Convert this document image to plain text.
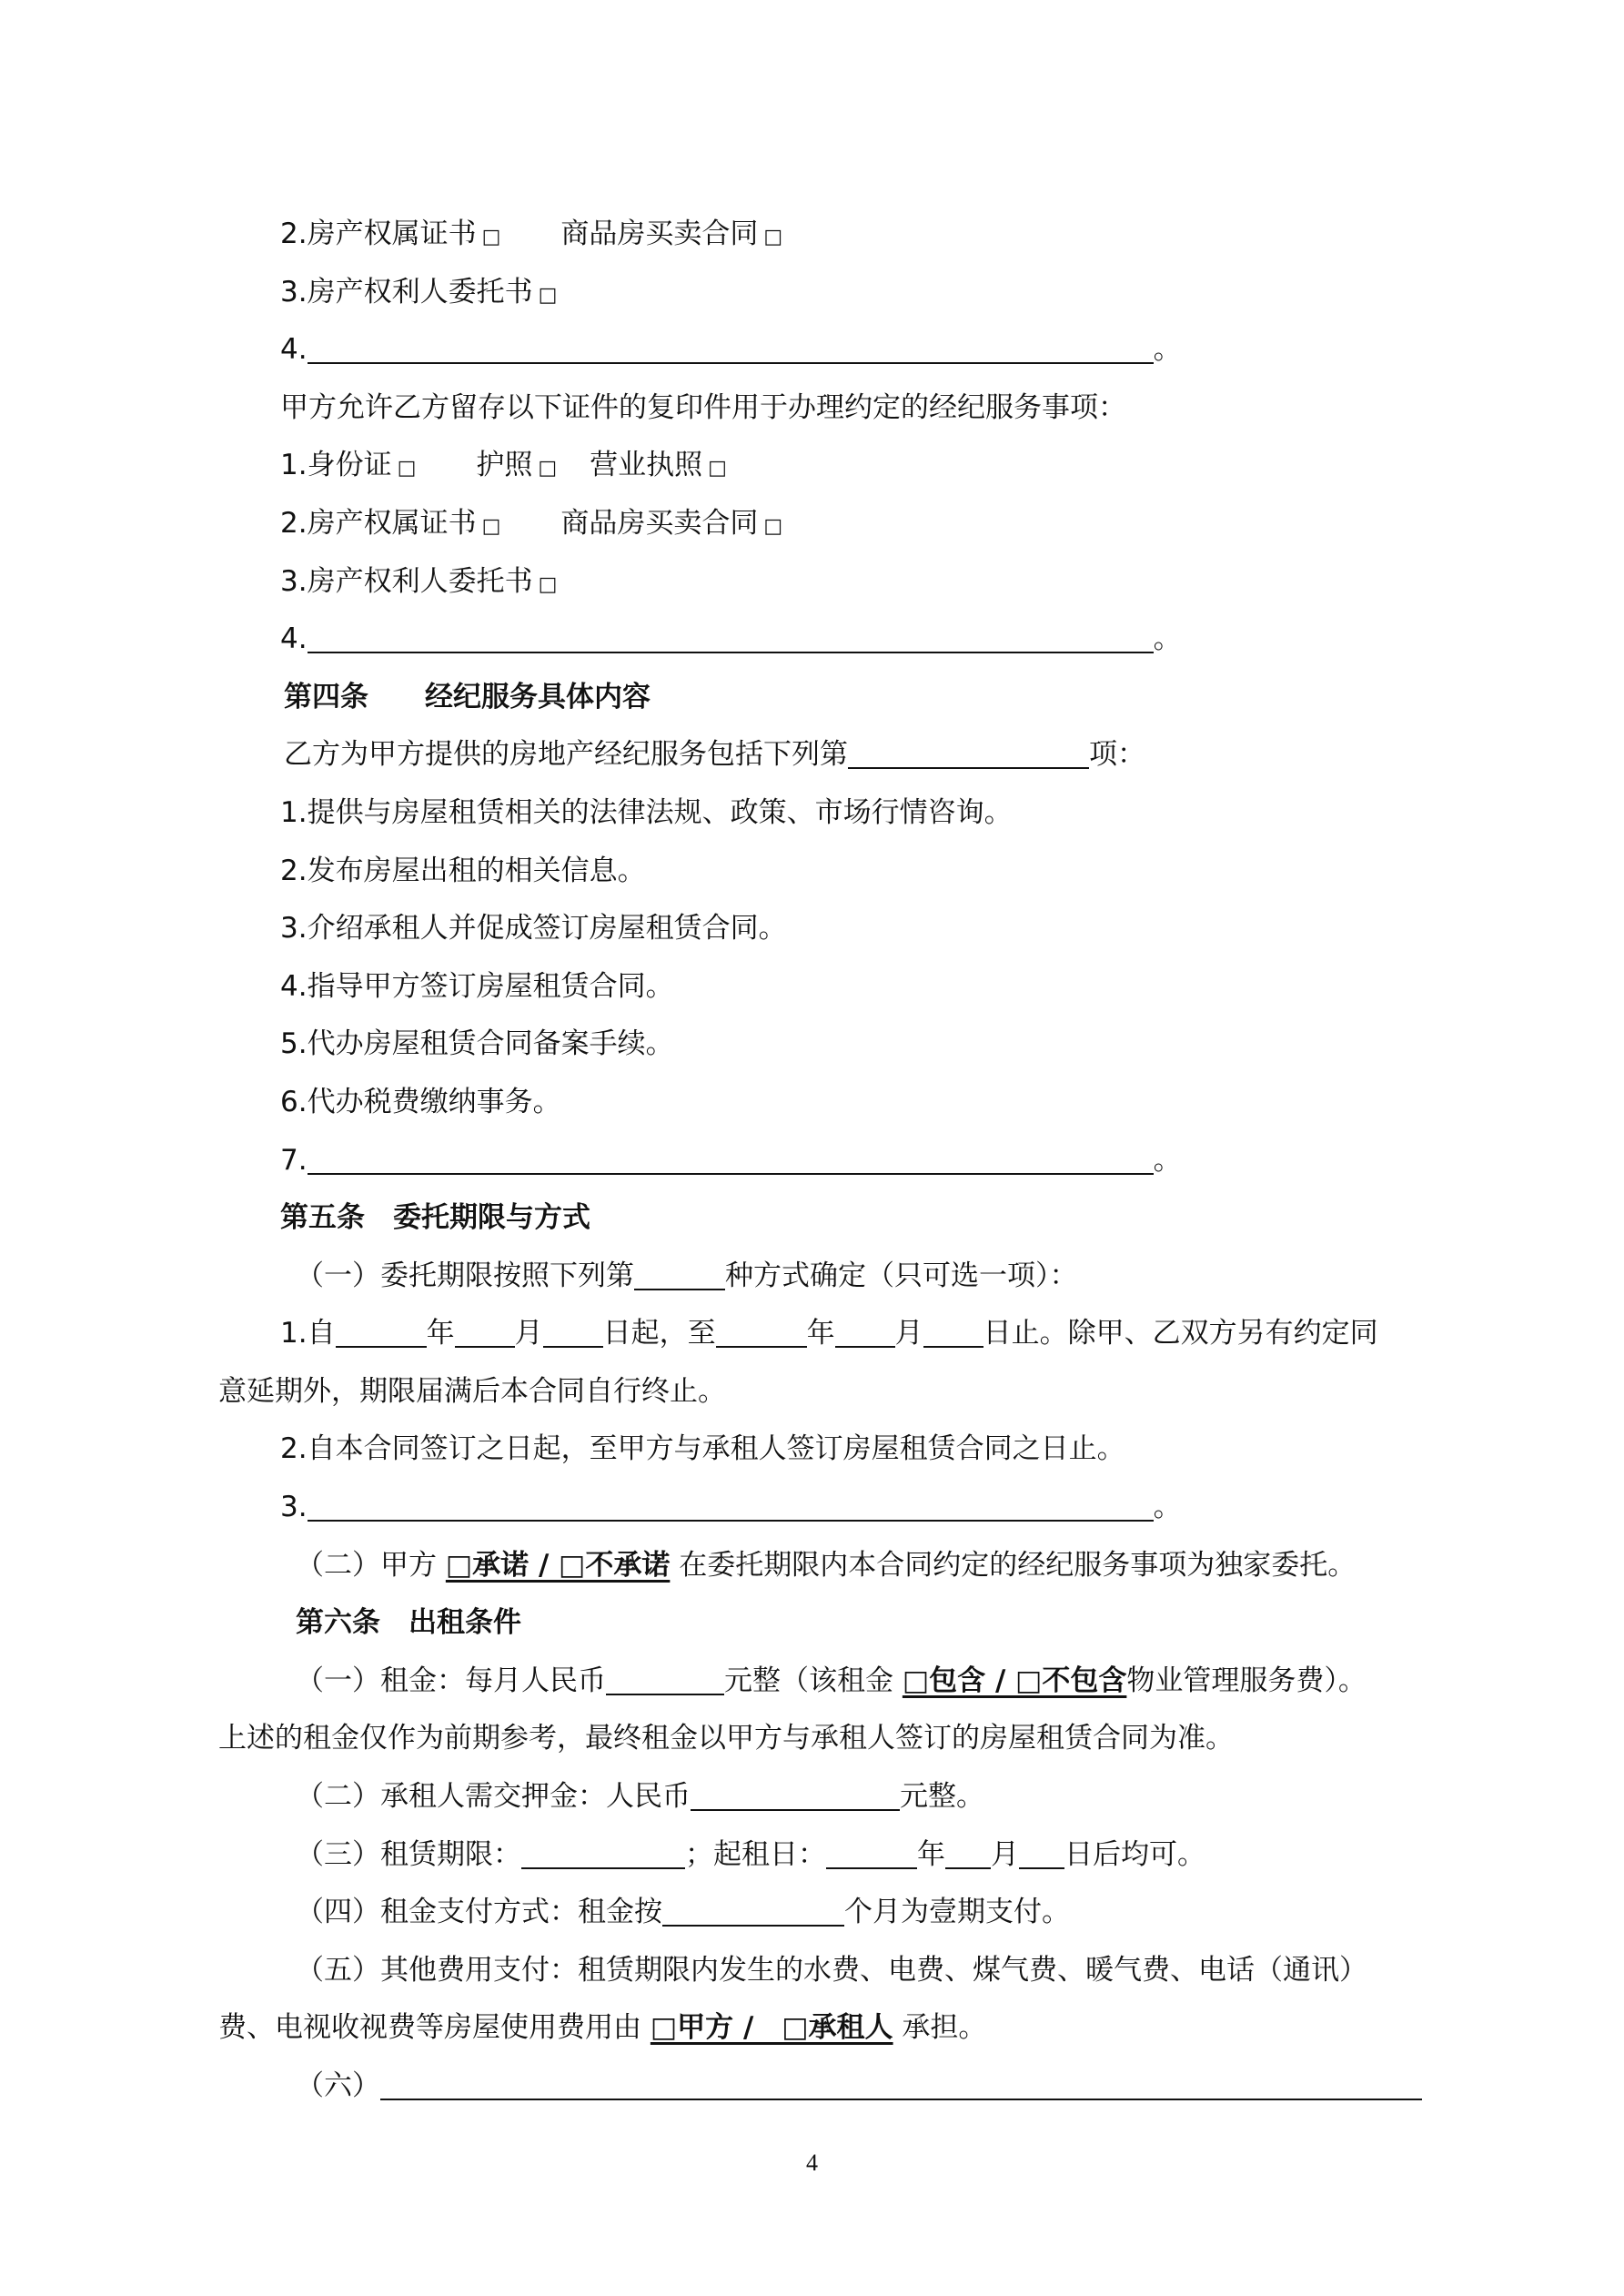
2.房产权属证书 □ 商品房买卖合同 □
3.房产权利人委托书 □
4.	。
甲方允许乙方留存以下证件的复印件用于办理约定的经纪服务事项：
1.身份证 □ 护照 □ 营业执照 □
2.房产权属证书 □ 商品房买卖合同 □
3.房产权利人委托书 □
4.	。
第四条　　经纪服务具体内容
乙方为甲方提供的房地产经纪服务包括下列第	项：
1.提供与房屋租赁相关的法律法规、政策、市场行情咨询。
2.发布房屋出租的相关信息。
3.介绍承租人并促成签订房屋租赁合同。
4.指导甲方签订房屋租赁合同。
5.代办房屋租赁合同备案手续。
6.代办税费缴纳事务。
7.	。
第五条　委托期限与方式
（一）委托期限按照下列第	种方式确定（只可选一项）：
1.自	年 月 日起，至	年 月 日止。除甲、乙双方另有约定同
意延期外，期限届满后本合同自行终止。
2.自本合同签订之日起，至甲方与承租人签订房屋租赁合同之日止。
3.	。
（二）甲方 □承诺 / □不承诺 在委托期限内本合同约定的经纪服务事项为独家委托。
第六条　出租条件
（一）租金：每月人民币	元整（该租金 □包含 / □不包含物业管理服务费）。
上述的租金仅作为前期参考，最终租金以甲方与承租人签订的房屋租赁合同为准。
（二）承租人需交押金：人民币	元整。
（三）租赁期限：	；起租日：	年 月 日后均可。
（四）租金支付方式：租金按	个月为壹期支付。
（五）其他费用支付：租赁期限内发生的水费、电费、煤气费、暖气费、电话（通讯）
费、电视收视费等房屋使用费用由 □甲方 /　□承租人 承担。
（六）
4
